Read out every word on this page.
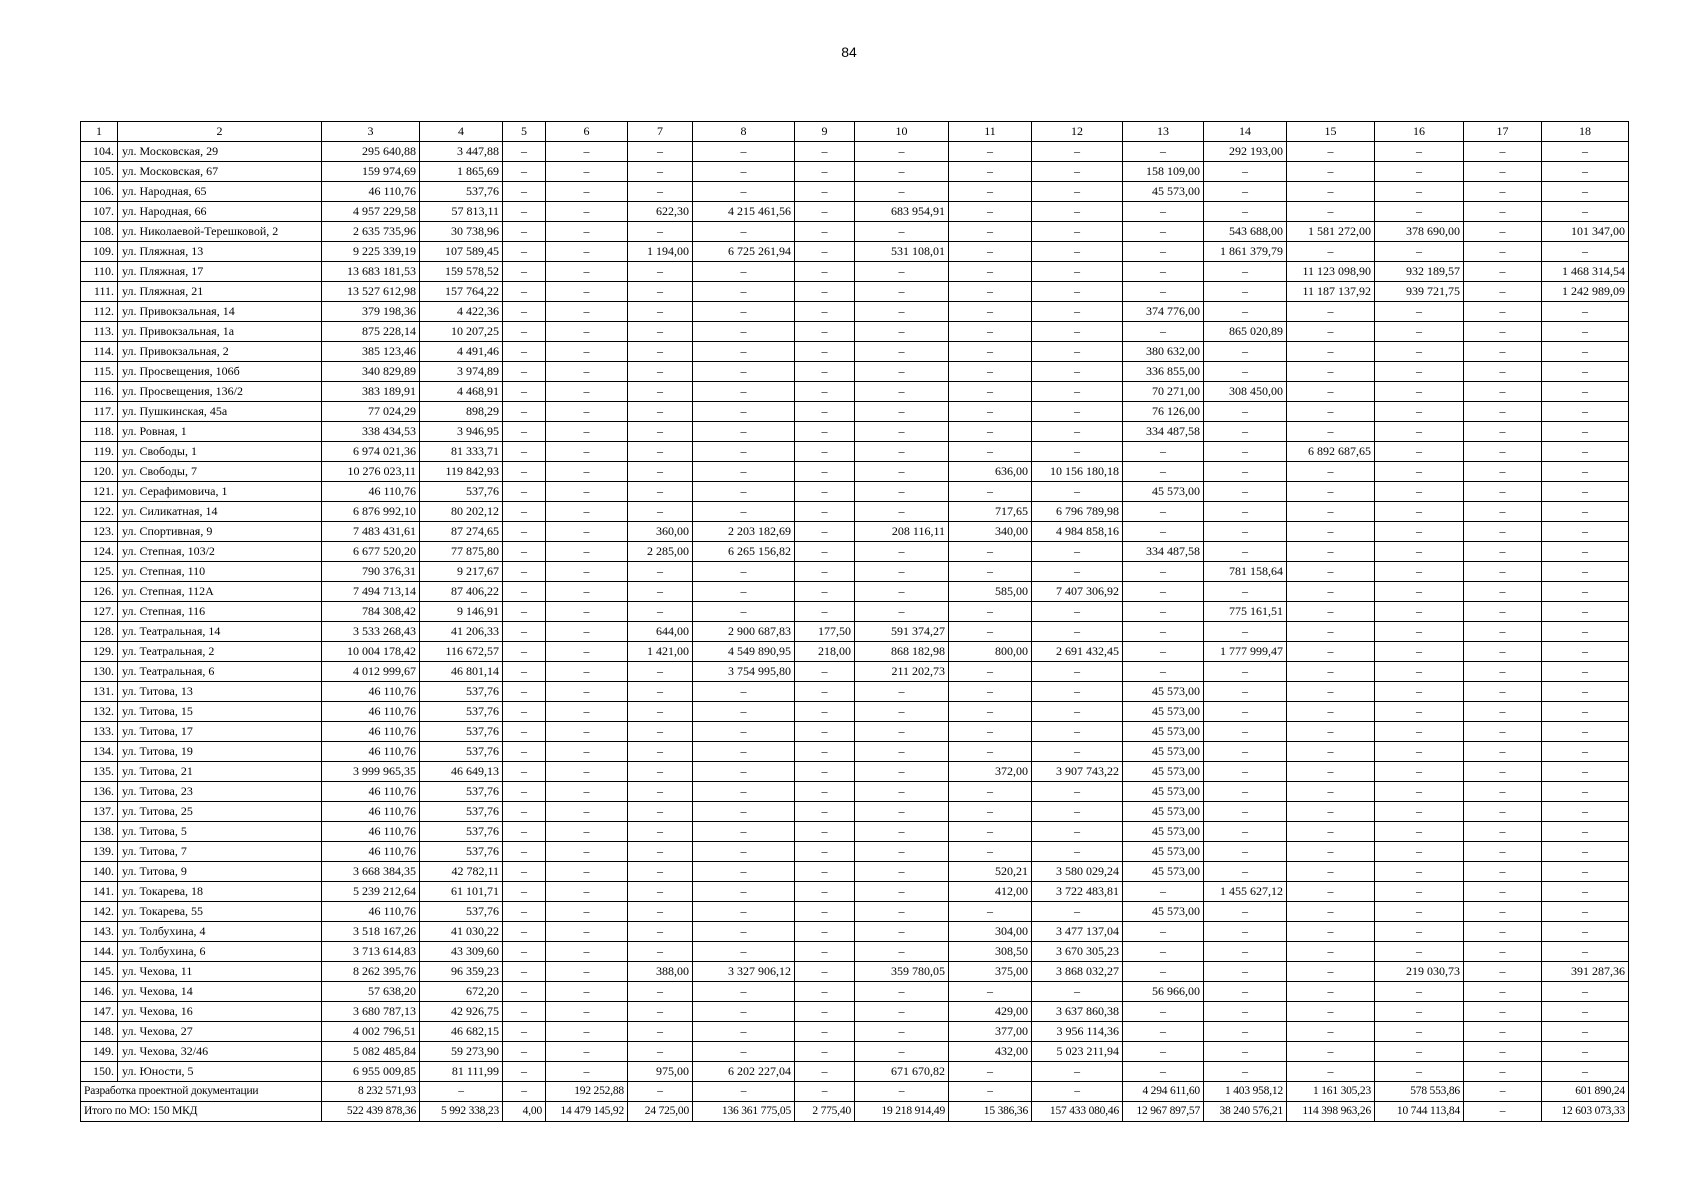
84
1	2	3	4	5	6	7	8	9	10	11	12	13	14	15	16	17	18
104.	ул. Московская, 29	295 640,88	3 447,88	–	–	–	–	–	–	–	–	–	292 193,00	–	–	–	–
105.	ул. Московская, 67	159 974,69	1 865,69	–	–	–	–	–	–	–	–	158 109,00	–	–	–	–	–
106.	ул. Народная, 65	46 110,76	537,76	–	–	–	–	–	–	–	–	45 573,00	–	–	–	–	–
107.	ул. Народная, 66	4 957 229,58	57 813,11	–	–	622,30	4 215 461,56	–	683 954,91	–	–	–	–	–	–	–	–
108.	ул. Николаевой-Терешковой, 2	2 635 735,96	30 738,96	–	–	–	–	–	–	–	–	–	543 688,00	1 581 272,00	378 690,00	–	101 347,00
109.	ул. Пляжная, 13	9 225 339,19	107 589,45	–	–	1 194,00	6 725 261,94	–	531 108,01	–	–	–	1 861 379,79	–	–	–	–
110.	ул. Пляжная, 17	13 683 181,53	159 578,52	–	–	–	–	–	–	–	–	–	–	11 123 098,90	932 189,57	–	1 468 314,54
111.	ул. Пляжная, 21	13 527 612,98	157 764,22	–	–	–	–	–	–	–	–	–	–	11 187 137,92	939 721,75	–	1 242 989,09
112.	ул. Привокзальная, 14	379 198,36	4 422,36	–	–	–	–	–	–	–	–	374 776,00	–	–	–	–	–
113.	ул. Привокзальная, 1а	875 228,14	10 207,25	–	–	–	–	–	–	–	–	–	865 020,89	–	–	–	–
114.	ул. Привокзальная, 2	385 123,46	4 491,46	–	–	–	–	–	–	–	–	380 632,00	–	–	–	–	–
115.	ул. Просвещения, 106б	340 829,89	3 974,89	–	–	–	–	–	–	–	–	336 855,00	–	–	–	–	–
116.	ул. Просвещения, 136/2	383 189,91	4 468,91	–	–	–	–	–	–	–	–	70 271,00	308 450,00	–	–	–	–
117.	ул. Пушкинская, 45а	77 024,29	898,29	–	–	–	–	–	–	–	–	76 126,00	–	–	–	–	–
118.	ул. Ровная, 1	338 434,53	3 946,95	–	–	–	–	–	–	–	–	334 487,58	–	–	–	–	–
119.	ул. Свободы, 1	6 974 021,36	81 333,71	–	–	–	–	–	–	–	–	–	–	6 892 687,65	–	–	–
120.	ул. Свободы, 7	10 276 023,11	119 842,93	–	–	–	–	–	–	636,00	10 156 180,18	–	–	–	–	–	–
121.	ул. Серафимовича, 1	46 110,76	537,76	–	–	–	–	–	–	–	–	45 573,00	–	–	–	–	–
122.	ул. Силикатная, 14	6 876 992,10	80 202,12	–	–	–	–	–	–	717,65	6 796 789,98	–	–	–	–	–	–
123.	ул. Спортивная, 9	7 483 431,61	87 274,65	–	–	360,00	2 203 182,69	–	208 116,11	340,00	4 984 858,16	–	–	–	–	–	–
124.	ул. Степная, 103/2	6 677 520,20	77 875,80	–	–	2 285,00	6 265 156,82	–	–	–	–	334 487,58	–	–	–	–	–
125.	ул. Степная, 110	790 376,31	9 217,67	–	–	–	–	–	–	–	–	–	781 158,64	–	–	–	–
126.	ул. Степная, 112А	7 494 713,14	87 406,22	–	–	–	–	–	–	585,00	7 407 306,92	–	–	–	–	–	–
127.	ул. Степная, 116	784 308,42	9 146,91	–	–	–	–	–	–	–	–	–	775 161,51	–	–	–	–
128.	ул. Театральная, 14	3 533 268,43	41 206,33	–	–	644,00	2 900 687,83	177,50	591 374,27	–	–	–	–	–	–	–	–
129.	ул. Театральная, 2	10 004 178,42	116 672,57	–	–	1 421,00	4 549 890,95	218,00	868 182,98	800,00	2 691 432,45	–	1 777 999,47	–	–	–	–
130.	ул. Театральная, 6	4 012 999,67	46 801,14	–	–	–	3 754 995,80	–	211 202,73	–	–	–	–	–	–	–	–
131.	ул. Титова, 13	46 110,76	537,76	–	–	–	–	–	–	–	–	45 573,00	–	–	–	–	–
132.	ул. Титова, 15	46 110,76	537,76	–	–	–	–	–	–	–	–	45 573,00	–	–	–	–	–
133.	ул. Титова, 17	46 110,76	537,76	–	–	–	–	–	–	–	–	45 573,00	–	–	–	–	–
134.	ул. Титова, 19	46 110,76	537,76	–	–	–	–	–	–	–	–	45 573,00	–	–	–	–	–
135.	ул. Титова, 21	3 999 965,35	46 649,13	–	–	–	–	–	–	372,00	3 907 743,22	45 573,00	–	–	–	–	–
136.	ул. Титова, 23	46 110,76	537,76	–	–	–	–	–	–	–	–	45 573,00	–	–	–	–	–
137.	ул. Титова, 25	46 110,76	537,76	–	–	–	–	–	–	–	–	45 573,00	–	–	–	–	–
138.	ул. Титова, 5	46 110,76	537,76	–	–	–	–	–	–	–	–	45 573,00	–	–	–	–	–
139.	ул. Титова, 7	46 110,76	537,76	–	–	–	–	–	–	–	–	45 573,00	–	–	–	–	–
140.	ул. Титова, 9	3 668 384,35	42 782,11	–	–	–	–	–	–	520,21	3 580 029,24	45 573,00	–	–	–	–	–
141.	ул. Токарева, 18	5 239 212,64	61 101,71	–	–	–	–	–	–	412,00	3 722 483,81	–	1 455 627,12	–	–	–	–
142.	ул. Токарева, 55	46 110,76	537,76	–	–	–	–	–	–	–	–	45 573,00	–	–	–	–	–
143.	ул. Толбухина, 4	3 518 167,26	41 030,22	–	–	–	–	–	–	304,00	3 477 137,04	–	–	–	–	–	–
144.	ул. Толбухина, 6	3 713 614,83	43 309,60	–	–	–	–	–	–	308,50	3 670 305,23	–	–	–	–	–	–
145.	ул. Чехова, 11	8 262 395,76	96 359,23	–	–	388,00	3 327 906,12	–	359 780,05	375,00	3 868 032,27	–	–	–	219 030,73	–	391 287,36
146.	ул. Чехова, 14	57 638,20	672,20	–	–	–	–	–	–	–	–	56 966,00	–	–	–	–	–
147.	ул. Чехова, 16	3 680 787,13	42 926,75	–	–	–	–	–	–	429,00	3 637 860,38	–	–	–	–	–	–
148.	ул. Чехова, 27	4 002 796,51	46 682,15	–	–	–	–	–	–	377,00	3 956 114,36	–	–	–	–	–	–
149.	ул. Чехова, 32/46	5 082 485,84	59 273,90	–	–	–	–	–	–	432,00	5 023 211,94	–	–	–	–	–	–
150.	ул. Юности, 5	6 955 009,85	81 111,99	–	–	975,00	6 202 227,04	–	671 670,82	–	–	–	–	–	–	–	–
Разработка проектной документации		8 232 571,93	–	–	192 252,88	–	–	–	–	–	–	4 294 611,60	1 403 958,12	1 161 305,23	578 553,86	–	601 890,24
Итого по МО: 150 МКД		522 439 878,36	5 992 338,23	4,00	14 479 145,92	24 725,00	136 361 775,05	2 775,40	19 218 914,49	15 386,36	157 433 080,46	12 967 897,57	38 240 576,21	114 398 963,26	10 744 113,84	–	12 603 073,33
